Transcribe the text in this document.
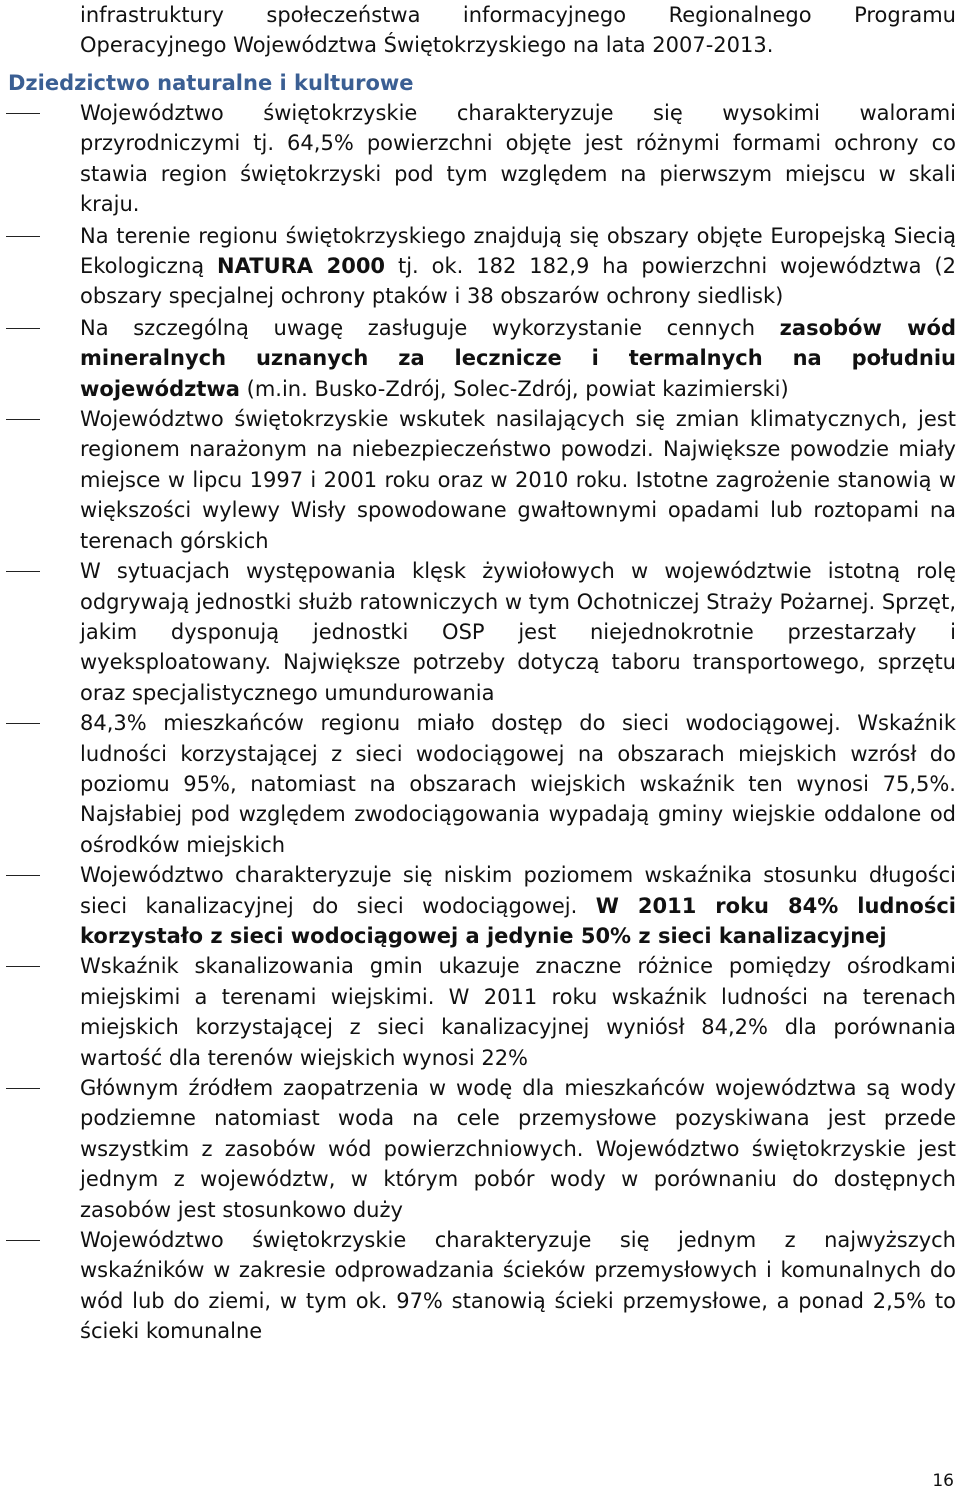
infrastruktury społeczeństwa informacyjnego Regionalnego Programu Operacyjnego Województwa Świętokrzyskiego na lata 2007-2013.

Dziedzictwo naturalne i kulturowe
Województwo świętokrzyskie charakteryzuje się wysokimi walorami przyrodniczymi tj. 64,5% powierzchni objęte jest różnymi formami ochrony co stawia region świętokrzyski pod tym względem na pierwszym miejscu w skali kraju.
Na terenie regionu świętokrzyskiego znajdują się obszary objęte Europejską Siecią Ekologiczną NATURA 2000 tj. ok. 182 182,9 ha powierzchni województwa (2 obszary specjalnej ochrony ptaków i 38 obszarów ochrony siedlisk)
Na szczególną uwagę zasługuje wykorzystanie cennych zasobów wód mineralnych uznanych za lecznicze i termalnych na południu województwa (m.in. Busko-Zdrój, Solec-Zdrój, powiat kazimierski)
Województwo świętokrzyskie wskutek nasilających się zmian klimatycznych, jest regionem narażonym na niebezpieczeństwo powodzi. Największe powodzie miały miejsce w lipcu 1997 i 2001 roku oraz w 2010 roku. Istotne zagrożenie stanowią w większości wylewy Wisły spowodowane gwałtownymi opadami lub roztopami na terenach górskich
W sytuacjach występowania klęsk żywiołowych w województwie istotną rolę odgrywają jednostki służb ratowniczych w tym Ochotniczej Straży Pożarnej. Sprzęt, jakim dysponują jednostki OSP jest niejednokrotnie przestarzały i wyeksploatowany. Największe potrzeby dotyczą taboru transportowego, sprzętu oraz specjalistycznego umundurowania
84,3% mieszkańców regionu miało dostęp do sieci wodociągowej. Wskaźnik ludności korzystającej z sieci wodociągowej na obszarach miejskich wzrósł do poziomu 95%, natomiast na obszarach wiejskich wskaźnik ten wynosi 75,5%. Najsłabiej pod względem zwodociągowania wypadają gminy wiejskie oddalone od ośrodków miejskich
Województwo charakteryzuje się niskim poziomem wskaźnika stosunku długości sieci kanalizacyjnej do sieci wodociągowej. W 2011 roku 84% ludności korzystało z sieci wodociągowej a jedynie 50% z sieci kanalizacyjnej
Wskaźnik skanalizowania gmin ukazuje znaczne różnice pomiędzy ośrodkami miejskimi a terenami wiejskimi. W 2011 roku wskaźnik ludności na terenach miejskich korzystającej z sieci kanalizacyjnej wyniósł 84,2% dla porównania wartość dla terenów wiejskich wynosi 22%
Głównym źródłem zaopatrzenia w wodę dla mieszkańców województwa są wody podziemne natomiast woda na cele przemysłowe pozyskiwana jest przede wszystkim z zasobów wód powierzchniowych. Województwo świętokrzyskie jest jednym z województw, w którym pobór wody w porównaniu do dostępnych zasobów jest stosunkowo duży
Województwo świętokrzyskie charakteryzuje się jednym z najwyższych wskaźników w zakresie odprowadzania ścieków przemysłowych i komunalnych do wód lub do ziemi, w tym ok. 97% stanowią ścieki przemysłowe, a ponad 2,5% to ścieki komunalne
16
